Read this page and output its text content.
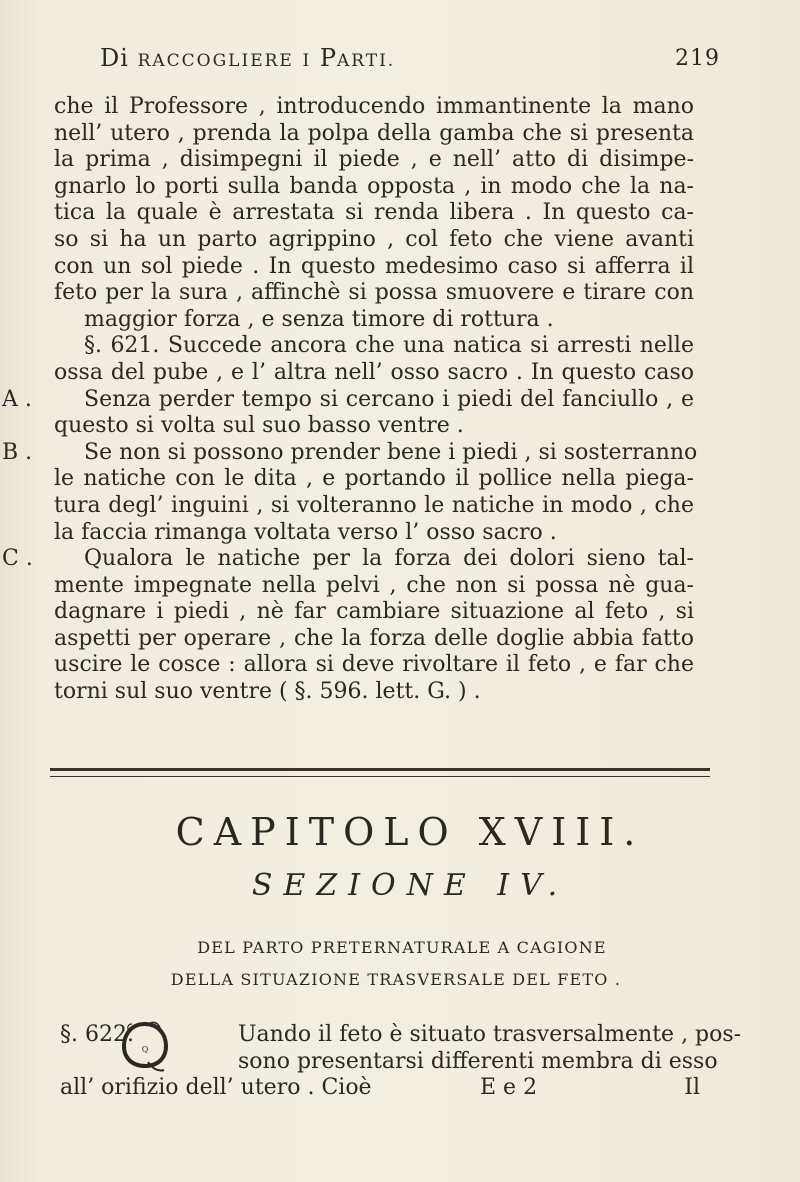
Di RACCOGLIERE I PARTI.	219
che il Professore , introducendo immantinente la mano
nell’ utero , prenda la polpa della gamba che si presenta
la prima , disimpegni il piede , e nell’ atto di disimpe-
gnarlo lo porti sulla banda opposta , in modo che la na-
tica la quale è arrestata si renda libera . In questo ca-
so si ha un parto agrippino , col feto che viene avanti
con un sol piede . In questo medesimo caso si afferra il
feto per la sura , affinchè si possa smuovere e tirare con
maggior forza , e senza timore di rottura .
§. 621. Succede ancora che una natica si arresti nelle
ossa del pube , e l’ altra nell’ osso sacro . In questo caso
Senza perder tempo si cercano i piedi del fanciullo , e
questo si volta sul suo basso ventre .
Se non si possono prender bene i piedi , si sosterranno
le natiche con le dita , e portando il pollice nella piega-
tura degl’ inguini , si volteranno le natiche in modo , che
la faccia rimanga voltata verso l’ osso sacro .
Qualora le natiche per la forza dei dolori sieno tal-
mente impegnate nella pelvi , che non si possa nè gua-
dagnare i piedi , nè far cambiare situazione al feto , si
aspetti per operare , che la forza delle doglie abbia fatto
uscire le cosce : allora si deve rivoltare il feto , e far che
torni sul suo ventre ( §. 596. lett. G. ) .
A .
B .
C .
CAPITOLO XVIII.
SEZIONE IV.
DEL PARTO PRETERNATURALE A CAGIONE
DELLA SITUAZIONE TRASVERSALE DEL FETO .
Q
§. 622.	Uando il feto è situato trasversalmente , pos-
sono presentarsi differenti membra di esso
all’ orifizio dell’ utero . Cioè	E e 2	Il
